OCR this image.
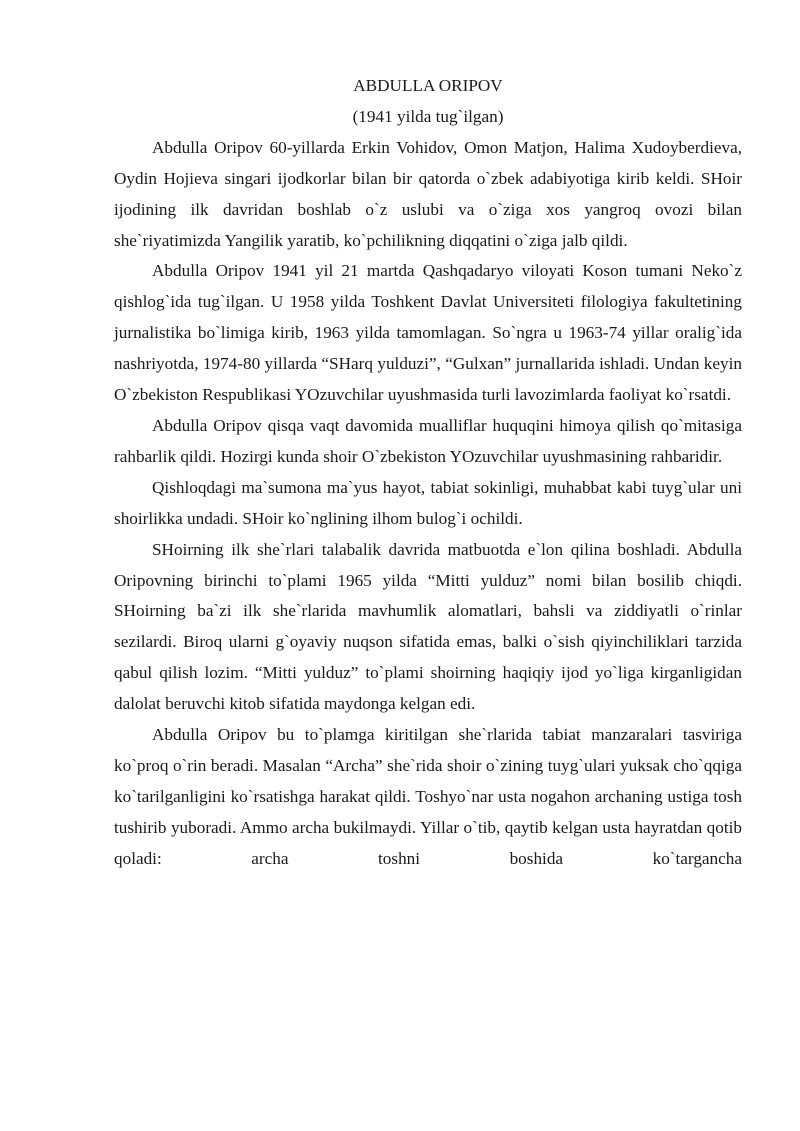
ABDULLA ORIPOV

(1941 yilda tug`ilgan)

Abdulla Oripov 60-yillarda Erkin Vohidov, Omon Matjon, Halima Xudoyberdieva, Oydin Hojieva singari ijodkorlar bilan bir qatorda o`zbek adabiyotiga kirib keldi. SHoir ijodining ilk davridan boshlab o`z uslubi va o`ziga xos yangroq ovozi bilan she`riyatimizda Yangilik yaratib, ko`pchilikning diqqatini o`ziga jalb qildi.

Abdulla Oripov 1941 yil 21 martda Qashqadaryo viloyati Koson tumani Neko`z qishlog`ida tug`ilgan. U 1958 yilda Toshkent Davlat Universiteti filologiya fakultetining jurnalistika bo`limiga kirib, 1963 yilda tamomlagan. So`ngra u 1963-74 yillar oralig`ida nashriyotda, 1974-80 yillarda “SHarq yulduzi”, “Gulxan” jurnallarida ishladi. Undan keyin O`zbekiston Respublikasi YOzuvchilar uyushmasida turli lavozimlarda faoliyat ko`rsatdi.

Abdulla Oripov qisqa vaqt davomida mualliflar huquqini himoya qilish qo`mitasiga rahbarlik qildi. Hozirgi kunda shoir O`zbekiston YOzuvchilar uyushmasining rahbaridir.

Qishloqdagi ma`sumona ma`yus hayot, tabiat sokinligi, muhabbat kabi tuyg`ular uni shoirlikka undadi. SHoir ko`nglining ilhom bulog`i ochildi.

SHoirning ilk she`rlari talabalik davrida matbuotda e`lon qilina boshladi. Abdulla Oripovning birinchi to`plami 1965 yilda “Mitti yulduz” nomi bilan bosilib chiqdi. SHoirning ba`zi ilk she`rlarida mavhumlik alomatlari, bahsli va ziddiyatli o`rinlar sezilardi. Biroq ularni g`oyaviy nuqson sifatida emas, balki o`sish qiyinchiliklari tarzida qabul qilish lozim. “Mitti yulduz” to`plami shoirning haqiqiy ijod yo`liga kirganligidan dalolat beruvchi kitob sifatida maydonga kelgan edi.

Abdulla Oripov bu to`plamga kiritilgan she`rlarida tabiat manzaralari tasviriga ko`proq o`rin beradi. Masalan “Archa” she`rida shoir o`zining tuyg`ulari yuksak cho`qqiga ko`tarilganligini ko`rsatishga harakat qildi. Toshyo`nar usta nogahon archaning ustiga tosh tushirib yuboradi. Ammo archa bukilmaydi. Yillar o`tib, qaytib kelgan usta hayratdan qotib qoladi: archa toshni boshida ko`targancha
